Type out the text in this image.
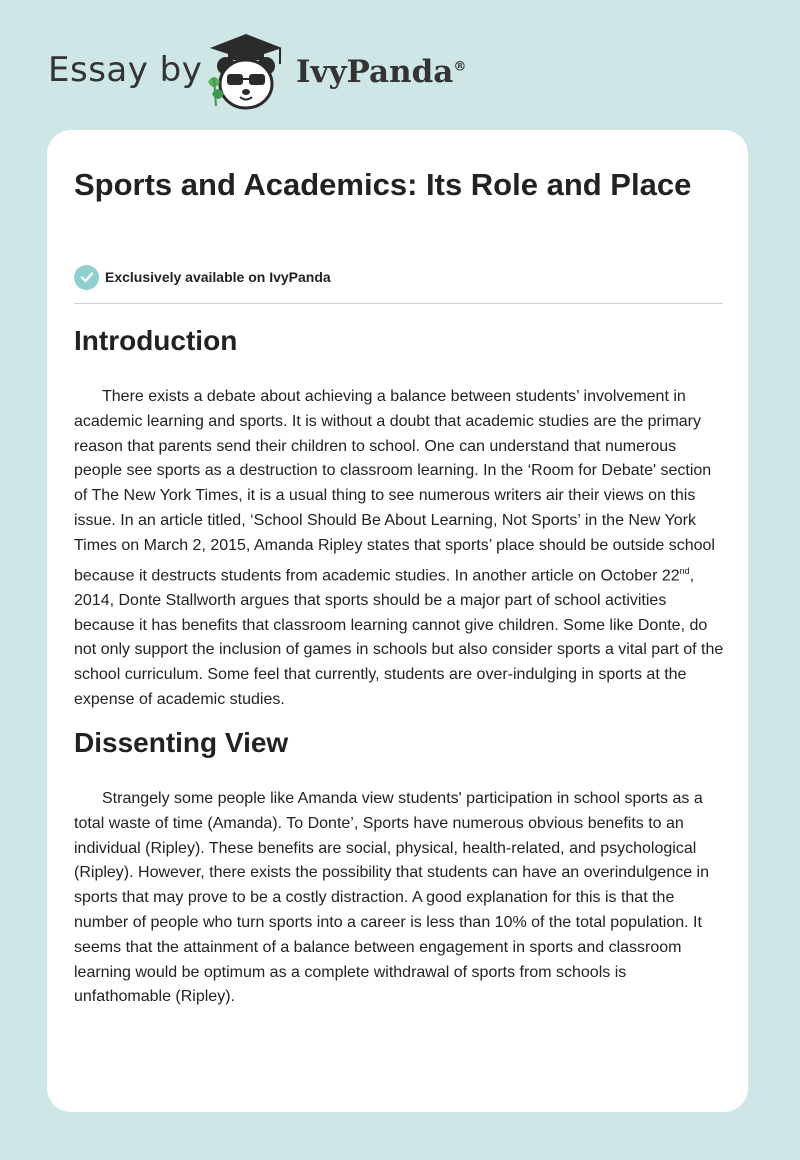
Essay by	IvyPanda®
Sports and Academics: Its Role and Place
Exclusively available on IvyPanda
Introduction

There exists a debate about achieving a balance between students’ involvement in academic learning and sports. It is without a doubt that academic studies are the primary reason that parents send their children to school. One can understand that numerous people see sports as a destruction to classroom learning. In the ‘Room for Debate' section of The New York Times, it is a usual thing to see numerous writers air their views on this issue. In an article titled, ‘School Should Be About Learning, Not Sports’ in the New York Times on March 2, 2015, Amanda Ripley states that sports’ place should be outside school because it destructs students from academic studies. In another article on October 22nd, 2014, Donte Stallworth argues that sports should be a major part of school activities because it has benefits that classroom learning cannot give children. Some like Donte, do not only support the inclusion of games in schools but also consider sports a vital part of the school curriculum. Some feel that currently, students are over-indulging in sports at the expense of academic studies.

Dissenting View

Strangely some people like Amanda view students' participation in school sports as a total waste of time (Amanda). To Donte’, Sports have numerous obvious benefits to an individual (Ripley). These benefits are social, physical, health-related, and psychological (Ripley). However, there exists the possibility that students can have an overindulgence in sports that may prove to be a costly distraction. A good explanation for this is that the number of people who turn sports into a career is less than 10% of the total population. It seems that the attainment of a balance between engagement in sports and classroom learning would be optimum as a complete withdrawal of sports from schools is unfathomable (Ripley).
